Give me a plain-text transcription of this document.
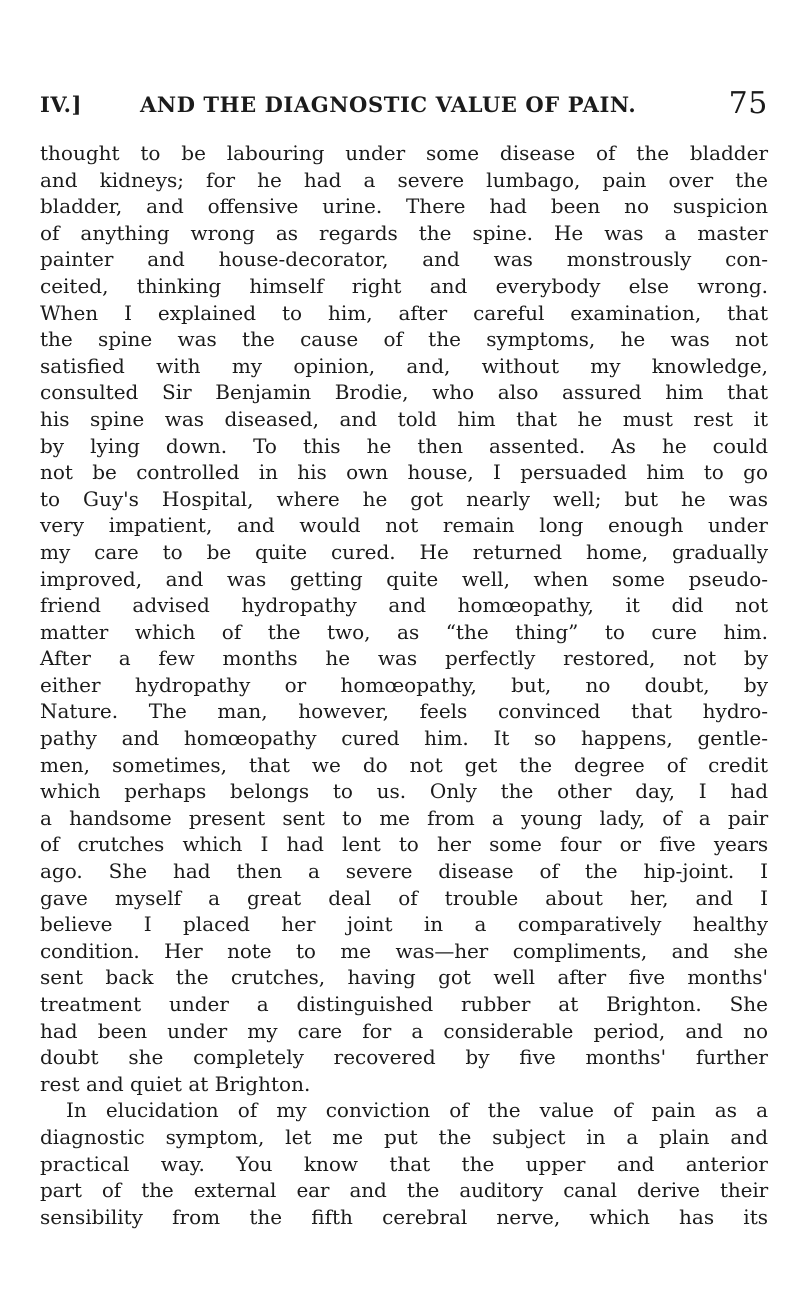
IV.]	AND THE DIAGNOSTIC VALUE OF PAIN.	75
thought to be labouring under some disease of the bladder
and kidneys; for he had a severe lumbago, pain over the
bladder, and offensive urine. There had been no suspicion
of anything wrong as regards the spine. He was a master
painter and house-decorator, and was monstrously con-
ceited, thinking himself right and everybody else wrong.
When I explained to him, after careful examination, that
the spine was the cause of the symptoms, he was not
satisfied with my opinion, and, without my knowledge,
consulted Sir Benjamin Brodie, who also assured him that
his spine was diseased, and told him that he must rest it
by lying down. To this he then assented. As he could
not be controlled in his own house, I persuaded him to go
to Guy's Hospital, where he got nearly well; but he was
very impatient, and would not remain long enough under
my care to be quite cured. He returned home, gradually
improved, and was getting quite well, when some pseudo-
friend advised hydropathy and homœopathy, it did not
matter which of the two, as “the thing” to cure him.
After a few months he was perfectly restored, not by
either hydropathy or homœopathy, but, no doubt, by
Nature. The man, however, feels convinced that hydro-
pathy and homœopathy cured him. It so happens, gentle-
men, sometimes, that we do not get the degree of credit
which perhaps belongs to us. Only the other day, I had
a handsome present sent to me from a young lady, of a pair
of crutches which I had lent to her some four or five years
ago. She had then a severe disease of the hip-joint. I
gave myself a great deal of trouble about her, and I
believe I placed her joint in a comparatively healthy
condition. Her note to me was—her compliments, and she
sent back the crutches, having got well after five months'
treatment under a distinguished rubber at Brighton. She
had been under my care for a considerable period, and no
doubt she completely recovered by five months' further
rest and quiet at Brighton.
In elucidation of my conviction of the value of pain as a
diagnostic symptom, let me put the subject in a plain and
practical way. You know that the upper and anterior
part of the external ear and the auditory canal derive their
sensibility from the fifth cerebral nerve, which has its
